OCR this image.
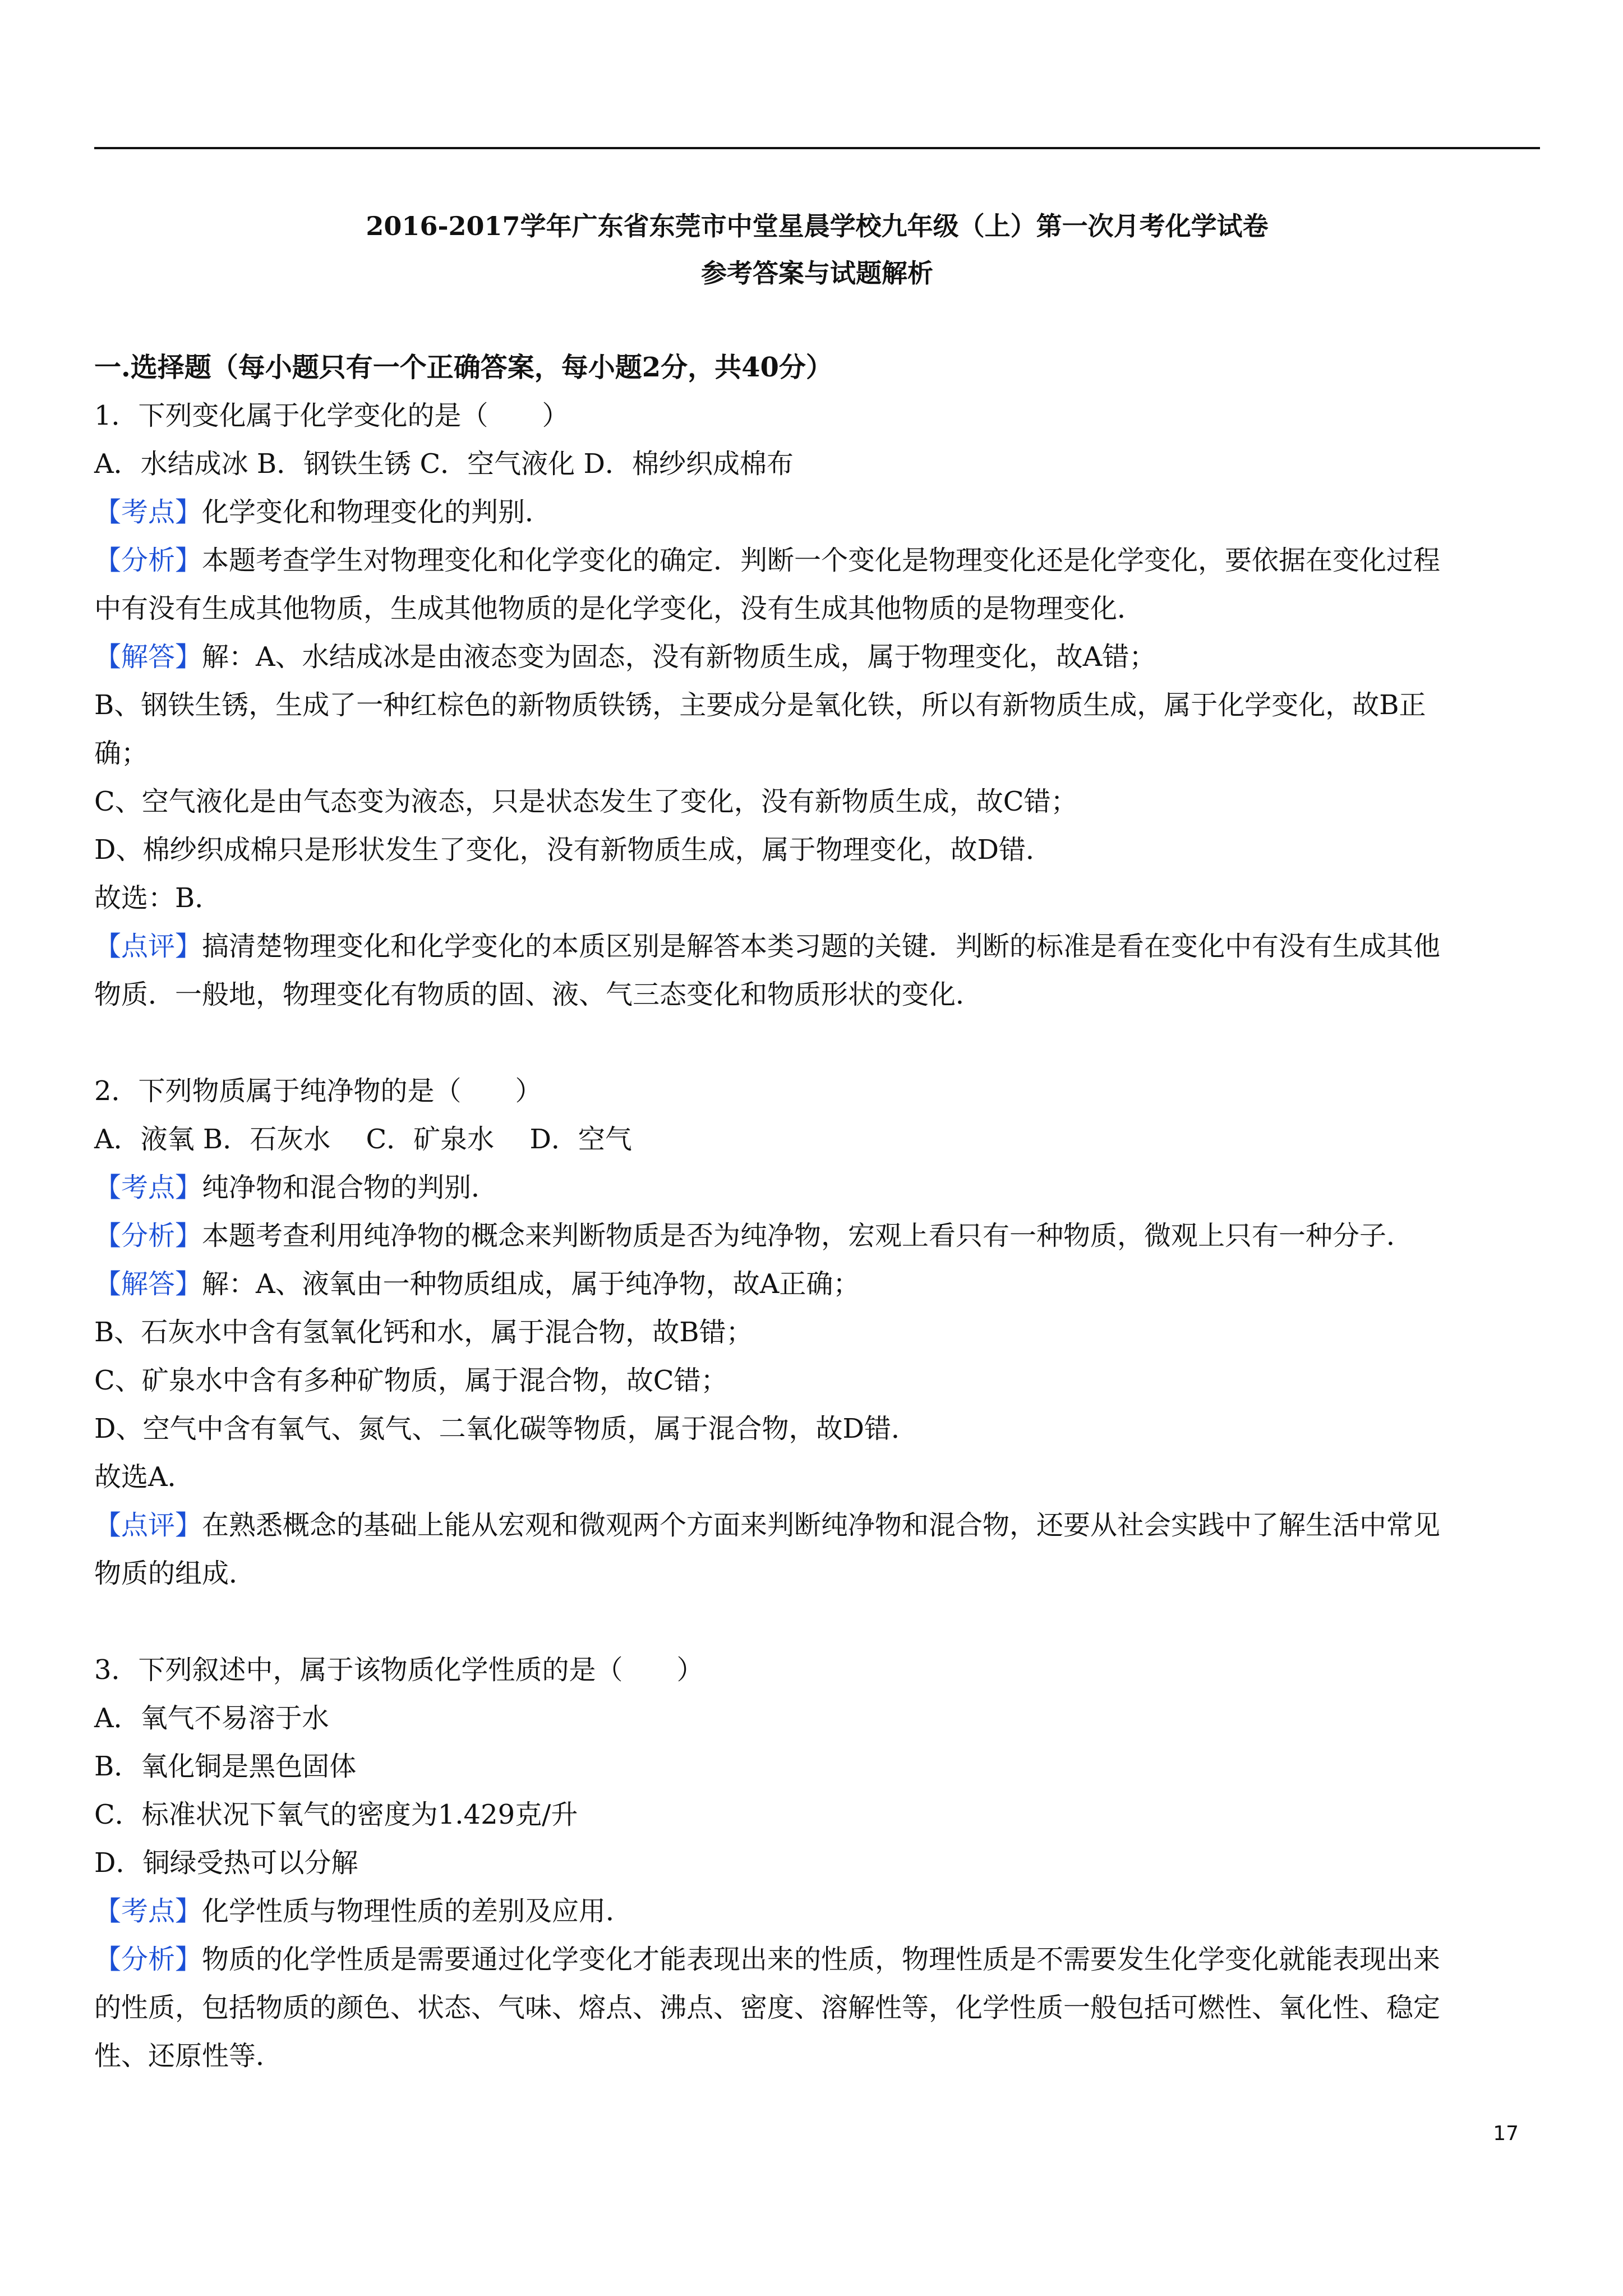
2016-2017学年广东省东莞市中堂星晨学校九年级（上）第一次月考化学试卷
参考答案与试题解析
一.选择题（每小题只有一个正确答案，每小题2分，共40分）
1．下列变化属于化学变化的是（　　）
A．水结成冰 B．钢铁生锈 C．空气液化 D．棉纱织成棉布
【考点】化学变化和物理变化的判别．
【分析】本题考查学生对物理变化和化学变化的确定．判断一个变化是物理变化还是化学变化，要依据在变化过程
中有没有生成其他物质，生成其他物质的是化学变化，没有生成其他物质的是物理变化．
【解答】解：A、水结成冰是由液态变为固态，没有新物质生成，属于物理变化，故A错；
B、钢铁生锈，生成了一种红棕色的新物质铁锈，主要成分是氧化铁，所以有新物质生成，属于化学变化，故B正
确；
C、空气液化是由气态变为液态，只是状态发生了变化，没有新物质生成，故C错；
D、棉纱织成棉只是形状发生了变化，没有新物质生成，属于物理变化，故D错．
故选：B．
【点评】搞清楚物理变化和化学变化的本质区别是解答本类习题的关键．判断的标准是看在变化中有没有生成其他
物质．一般地，物理变化有物质的固、液、气三态变化和物质形状的变化．
2．下列物质属于纯净物的是（　　）
A．液氧 B．石灰水　 C．矿泉水　 D．空气
【考点】纯净物和混合物的判别．
【分析】本题考查利用纯净物的概念来判断物质是否为纯净物，宏观上看只有一种物质，微观上只有一种分子．
【解答】解：A、液氧由一种物质组成，属于纯净物，故A正确；
B、石灰水中含有氢氧化钙和水，属于混合物，故B错；
C、矿泉水中含有多种矿物质，属于混合物，故C错；
D、空气中含有氧气、氮气、二氧化碳等物质，属于混合物，故D错．
故选A．
【点评】在熟悉概念的基础上能从宏观和微观两个方面来判断纯净物和混合物，还要从社会实践中了解生活中常见
物质的组成．
3．下列叙述中，属于该物质化学性质的是（　　）
A．氧气不易溶于水
B．氧化铜是黑色固体
C．标准状况下氧气的密度为1.429克/升
D．铜绿受热可以分解
【考点】化学性质与物理性质的差别及应用．
【分析】物质的化学性质是需要通过化学变化才能表现出来的性质，物理性质是不需要发生化学变化就能表现出来
的性质，包括物质的颜色、状态、气味、熔点、沸点、密度、溶解性等，化学性质一般包括可燃性、氧化性、稳定
性、还原性等．
17
